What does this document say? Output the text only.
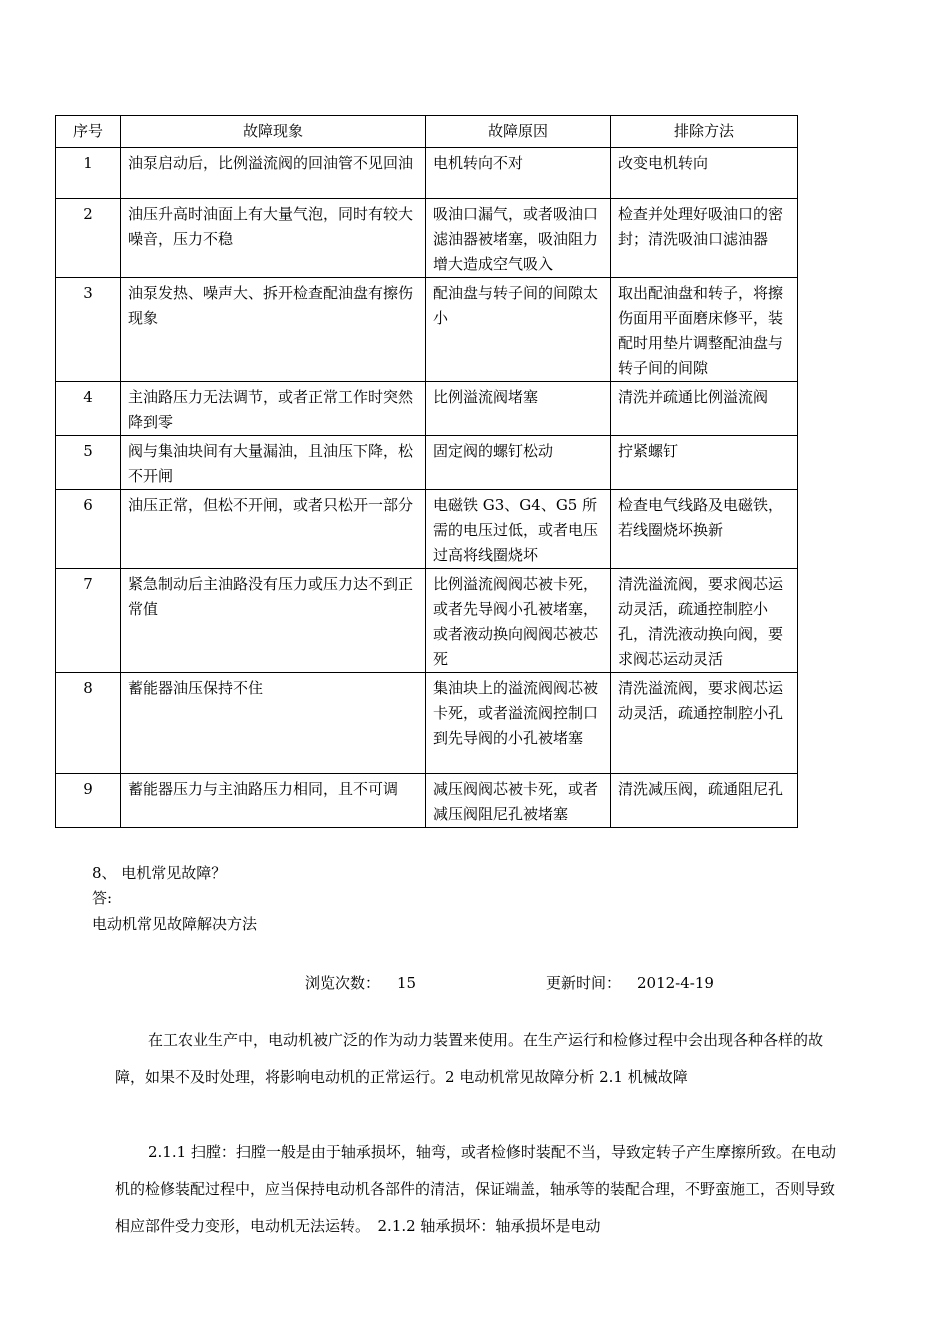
序号	故障现象	故障原因	排除方法
1	油泵启动后，比例溢流阀的回油管不见回油	电机转向不对	改变电机转向
2	油压升高时油面上有大量气泡，同时有较大噪音，压力不稳	吸油口漏气，或者吸油口滤油器被堵塞，吸油阻力增大造成空气吸入	检查并处理好吸油口的密封；清洗吸油口滤油器
3	油泵发热、噪声大、拆开检查配油盘有擦伤现象	配油盘与转子间的间隙太小	取出配油盘和转子，将擦伤面用平面磨床修平，装配时用垫片调整配油盘与转子间的间隙
4	主油路压力无法调节，或者正常工作时突然降到零	比例溢流阀堵塞	清洗并疏通比例溢流阀
5	阀与集油块间有大量漏油，且油压下降，松不开闸	固定阀的螺钉松动	拧紧螺钉
6	油压正常，但松不开闸，或者只松开一部分	电磁铁 G3、G4、G5 所需的电压过低，或者电压过高将线圈烧坏	检查电气线路及电磁铁，若线圈烧坏换新
7	紧急制动后主油路没有压力或压力达不到正常值	比例溢流阀阀芯被卡死，或者先导阀小孔被堵塞，或者液动换向阀阀芯被芯死	清洗溢流阀，要求阀芯运动灵活，疏通控制腔小孔，清洗液动换向阀，要求阀芯运动灵活
8	蓄能器油压保持不住	集油块上的溢流阀阀芯被卡死，或者溢流阀控制口到先导阀的小孔被堵塞	清洗溢流阀，要求阀芯运动灵活，疏通控制腔小孔
9	蓄能器压力与主油路压力相同，且不可调	减压阀阀芯被卡死，或者减压阀阻尼孔被堵塞	清洗减压阀，疏通阻尼孔
8、 电机常见故障？
答:
电动机常见故障解决方法
浏览次数： 15	更新时间： 2012-4-19

在工农业生产中，电动机被广泛的作为动力装置来使用。在生产运行和检修过程中会出现各种各样的故障，如果不及时处理，将影响电动机的正常运行。2 电动机常见故障分析 2.1 机械故障

2.1.1 扫膛：扫膛一般是由于轴承损坏，轴弯，或者检修时装配不当，导致定转子产生摩擦所致。在电动机的检修装配过程中，应当保持电动机各部件的清洁，保证端盖，轴承等的装配合理，不野蛮施工，否则导致相应部件受力变形，电动机无法运转。　2.1.2 轴承损坏：轴承损坏是电动
